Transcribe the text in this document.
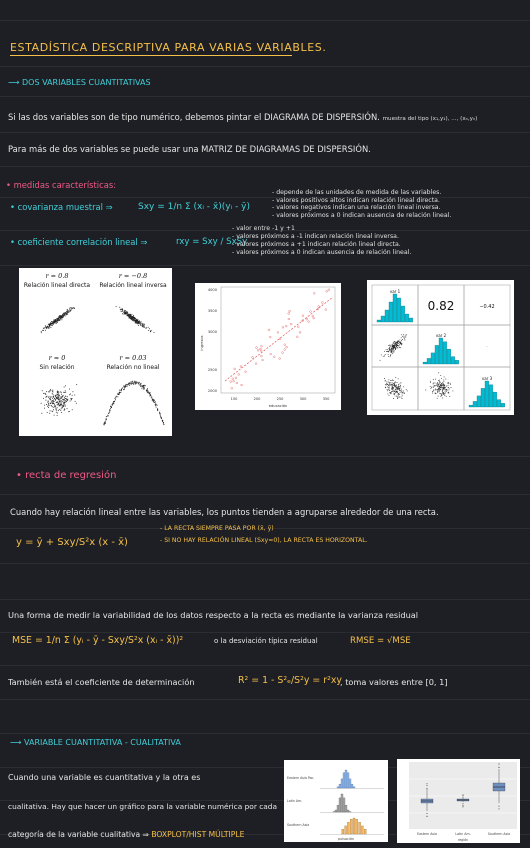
ESTADÍSTICA DESCRIPTIVA PARA VARIAS VARIABLES.
⟶ DOS VARIABLES CUANTITATIVAS
Si las dos variables son de tipo numérico, debemos pintar el DIAGRAMA DE DISPERSIÓN. muestra del tipo (x₁,y₁), ..., (xₙ,yₙ)
Para más de dos variables se puede usar una MATRIZ DE DIAGRAMAS DE DISPERSIÓN.
• medidas características:
• covarianza muestral ⇒	Sxy = 1/n Σ (xᵢ - x̄)(yᵢ - ȳ)
- depende de las unidades de medida de las variables.
- valores positivos altos indican relación lineal directa.
- valores negativos indican una relación lineal inversa.
- valores próximos a 0 indican ausencia de relación lineal.
• coeficiente correlación lineal ⇒	rxy = Sxy / SxSy
- valor entre -1 y +1
- valores próximos a -1 indican relación lineal inversa.
- valores próximos a +1 indican relación lineal directa.
- valores próximos a 0 indican ausencia de relación lineal.
r = 0.8
Relación lineal directa
r = −0.8
Relación lineal inversa
r ≈ 0
Sin relación
r = 0.03
Relación no lineal
4000
3500
3000
2500
2000
150	200	250	300	350
educación
ingresos
var 1
var 2
var 3
0.82	−0.42
·
• recta de regresión
Cuando hay relación lineal entre las variables, los puntos tienden a agruparse alrededor de una recta.
y = ȳ + Sxy/S²x (x - x̄)
- LA RECTA SIEMPRE PASA POR (x̄, ȳ)
- SI NO HAY RELACIÓN LINEAL (Sxy≈0), LA RECTA ES HORIZONTAL.
Una forma de medir la variabilidad de los datos respecto a la recta es mediante la varianza residual
MSE = 1/n Σ (yᵢ - ȳ - Sxy/S²x (xᵢ - x̄))²	o la desviación típica residual	RMSE = √MSE
También está el coeficiente de determinación	R² = 1 - S²ₑ/S²y = r²xy
, toma valores entre [0, 1]
⟶ VARIABLE CUANTITATIVA - CUALITATIVA
Cuando una variable es cuantitativa y la otra es
cualitativa. Hay que hacer un gráfico para la variable numérica por cada
categoría de la variable cualitativa ⇒ BOXPLOT/HIST MÚLTIPLE
Eastern Asia Pac.
Latin Am.
Southern Asia
pulsación
Eastern Asia	Latin Am.	Southern Asia
región
